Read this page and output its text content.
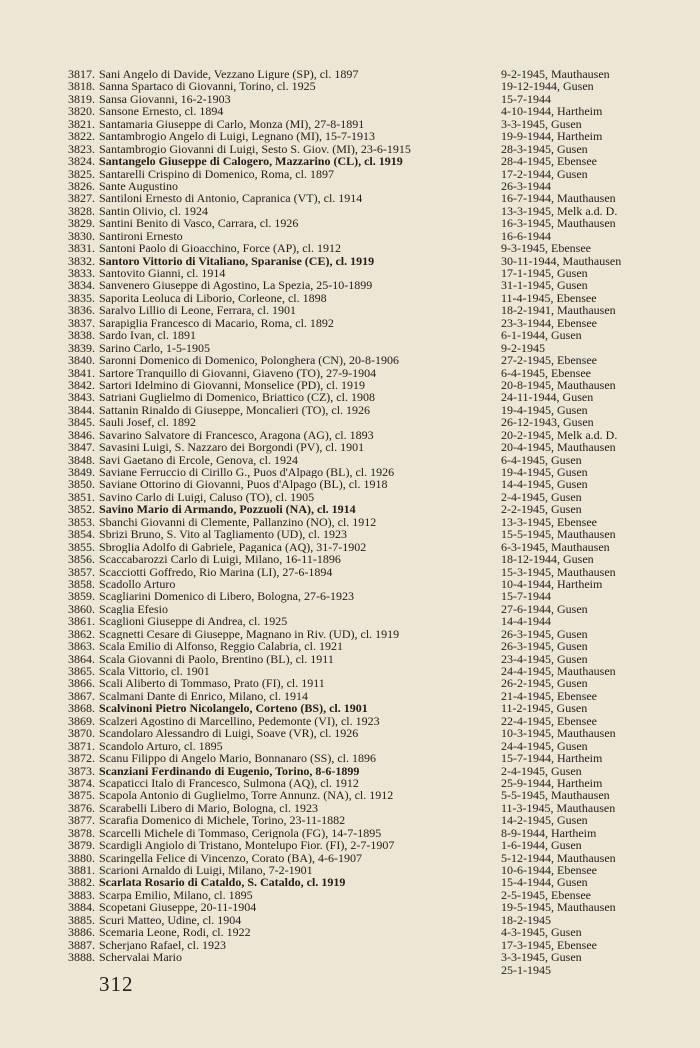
3817. Sani Angelo di Davide, Vezzano Ligure (SP), cl. 1897	9-2-1945, Mauthausen
3818. Sanna Spartaco di Giovanni, Torino, cl. 1925	19-12-1944, Gusen
3819. Sansa Giovanni, 16-2-1903	15-7-1944
3820. Sansone Ernesto, cl. 1894	4-10-1944, Hartheim
3821. Santamaria Giuseppe di Carlo, Monza (MI), 27-8-1891	3-3-1945, Gusen
3822. Santambrogio Angelo di Luigi, Legnano (MI), 15-7-1913	19-9-1944, Hartheim
3823. Santambrogio Giovanni di Luigi, Sesto S. Giov. (MI), 23-6-1915	28-3-1945, Gusen
3824. Santangelo Giuseppe di Calogero, Mazzarino (CL), cl. 1919	28-4-1945, Ebensee
3825. Santarelli Crispino di Domenico, Roma, cl. 1897	17-2-1944, Gusen
3826. Sante Augustino	26-3-1944
3827. Santiloni Ernesto di Antonio, Capranica (VT), cl. 1914	16-7-1944, Mauthausen
3828. Santin Olivio, cl. 1924	13-3-1945, Melk a.d. D.
3829. Santini Benito di Vasco, Carrara, cl. 1926	16-3-1945, Mauthausen
3830. Santironi Ernesto	16-6-1944
3831. Santoni Paolo di Gioacchino, Force (AP), cl. 1912	9-3-1945, Ebensee
3832. Santoro Vittorio di Vitaliano, Sparanise (CE), cl. 1919	30-11-1944, Mauthausen
3833. Santovito Gianni, cl. 1914	17-1-1945, Gusen
3834. Sanvenero Giuseppe di Agostino, La Spezia, 25-10-1899	31-1-1945, Gusen
3835. Saporita Leoluca di Liborio, Corleone, cl. 1898	11-4-1945, Ebensee
3836. Saralvo Lillio di Leone, Ferrara, cl. 1901	18-2-1941, Mauthausen
3837. Sarapiglia Francesco di Macario, Roma, cl. 1892	23-3-1944, Ebensee
3838. Sardo Ivan, cl. 1891	6-1-1944, Gusen
3839. Sarino Carlo, 1-5-1905	9-2-1945
3840. Saronni Domenico di Domenico, Polonghera (CN), 20-8-1906	27-2-1945, Ebensee
3841. Sartore Tranquillo di Giovanni, Giaveno (TO), 27-9-1904	6-4-1945, Ebensee
3842. Sartori Idelmino di Giovanni, Monselice (PD), cl. 1919	20-8-1945, Mauthausen
3843. Satriani Guglielmo di Domenico, Briattico (CZ), cl. 1908	24-11-1944, Gusen
3844. Sattanin Rinaldo di Giuseppe, Moncalieri (TO), cl. 1926	19-4-1945, Gusen
3845. Sauli Josef, cl. 1892	26-12-1943, Gusen
3846. Savarino Salvatore di Francesco, Aragona (AG), cl. 1893	20-2-1945, Melk a.d. D.
3847. Savasini Luigi, S. Nazzaro dei Borgondi (PV), cl. 1901	20-4-1945, Mauthausen
3848. Savi Gaetano di Ercole, Genova, cl. 1924	6-4-1945, Gusen
3849. Saviane Ferruccio di Cirillo G., Puos d'Alpago (BL), cl. 1926	19-4-1945, Gusen
3850. Saviane Ottorino di Giovanni, Puos d'Alpago (BL), cl. 1918	14-4-1945, Gusen
3851. Savino Carlo di Luigi, Caluso (TO), cl. 1905	2-4-1945, Gusen
3852. Savino Mario di Armando, Pozzuoli (NA), cl. 1914	2-2-1945, Gusen
3853. Sbanchi Giovanni di Clemente, Pallanzino (NO), cl. 1912	13-3-1945, Ebensee
3854. Sbrizi Bruno, S. Vito al Tagliamento (UD), cl. 1923	15-5-1945, Mauthausen
3855. Sbroglia Adolfo di Gabriele, Paganica (AQ), 31-7-1902	6-3-1945, Mauthausen
3856. Scaccabarozzi Carlo di Luigi, Milano, 16-11-1896	18-12-1944, Gusen
3857. Scacciotti Goffredo, Rio Marina (LI), 27-6-1894	15-3-1945, Mauthausen
3858. Scadollo Arturo	10-4-1944, Hartheim
3859. Scagliarini Domenico di Libero, Bologna, 27-6-1923	15-7-1944
3860. Scaglia Efesio	27-6-1944, Gusen
3861. Scaglioni Giuseppe di Andrea, cl. 1925	14-4-1944
3862. Scagnetti Cesare di Giuseppe, Magnano in Riv. (UD), cl. 1919	26-3-1945, Gusen
3863. Scala Emilio di Alfonso, Reggio Calabria, cl. 1921	26-3-1945, Gusen
3864. Scala Giovanni di Paolo, Brentino (BL), cl. 1911	23-4-1945, Gusen
3865. Scala Vittorio, cl. 1901	24-4-1945, Mauthausen
3866. Scali Aliberto di Tommaso, Prato (FI), cl. 1911	26-2-1945, Gusen
3867. Scalmani Dante di Enrico, Milano, cl. 1914	21-4-1945, Ebensee
3868. Scalvinoni Pietro Nicolangelo, Corteno (BS), cl. 1901	11-2-1945, Gusen
3869. Scalzeri Agostino di Marcellino, Pedemonte (VI), cl. 1923	22-4-1945, Ebensee
3870. Scandolaro Alessandro di Luigi, Soave (VR), cl. 1926	10-3-1945, Mauthausen
3871. Scandolo Arturo, cl. 1895	24-4-1945, Gusen
3872. Scanu Filippo di Angelo Mario, Bonnanaro (SS), cl. 1896	15-7-1944, Hartheim
3873. Scanziani Ferdinando di Eugenio, Torino, 8-6-1899	2-4-1945, Gusen
3874. Scapaticci Italo di Francesco, Sulmona (AQ), cl. 1912	25-9-1944, Hartheim
3875. Scapola Antonio di Guglielmo, Torre Annunz. (NA), cl. 1912	5-5-1945, Mauthausen
3876. Scarabelli Libero di Mario, Bologna, cl. 1923	11-3-1945, Mauthausen
3877. Scarafia Domenico di Michele, Torino, 23-11-1882	14-2-1945, Gusen
3878. Scarcelli Michele di Tommaso, Cerignola (FG), 14-7-1895	8-9-1944, Hartheim
3879. Scardigli Angiolo di Tristano, Montelupo Fior. (FI), 2-7-1907	1-6-1944, Gusen
3880. Scaringella Felice di Vincenzo, Corato (BA), 4-6-1907	5-12-1944, Mauthausen
3881. Scarioni Arnaldo di Luigi, Milano, 7-2-1901	10-6-1944, Ebensee
3882. Scarlata Rosario di Cataldo, S. Cataldo, cl. 1919	15-4-1944, Gusen
3883. Scarpa Emilio, Milano, cl. 1895	2-5-1945, Ebensee
3884. Scopetani Giuseppe, 20-11-1904	19-5-1945, Mauthausen
3885. Scuri Matteo, Udine, cl. 1904	18-2-1945
3886. Scemaria Leone, Rodi, cl. 1922	4-3-1945, Gusen
3887. Scherjano Rafael, cl. 1923	17-3-1945, Ebensee
3888. Schervalai Mario	3-3-1945, Gusen
25-1-1945
312
